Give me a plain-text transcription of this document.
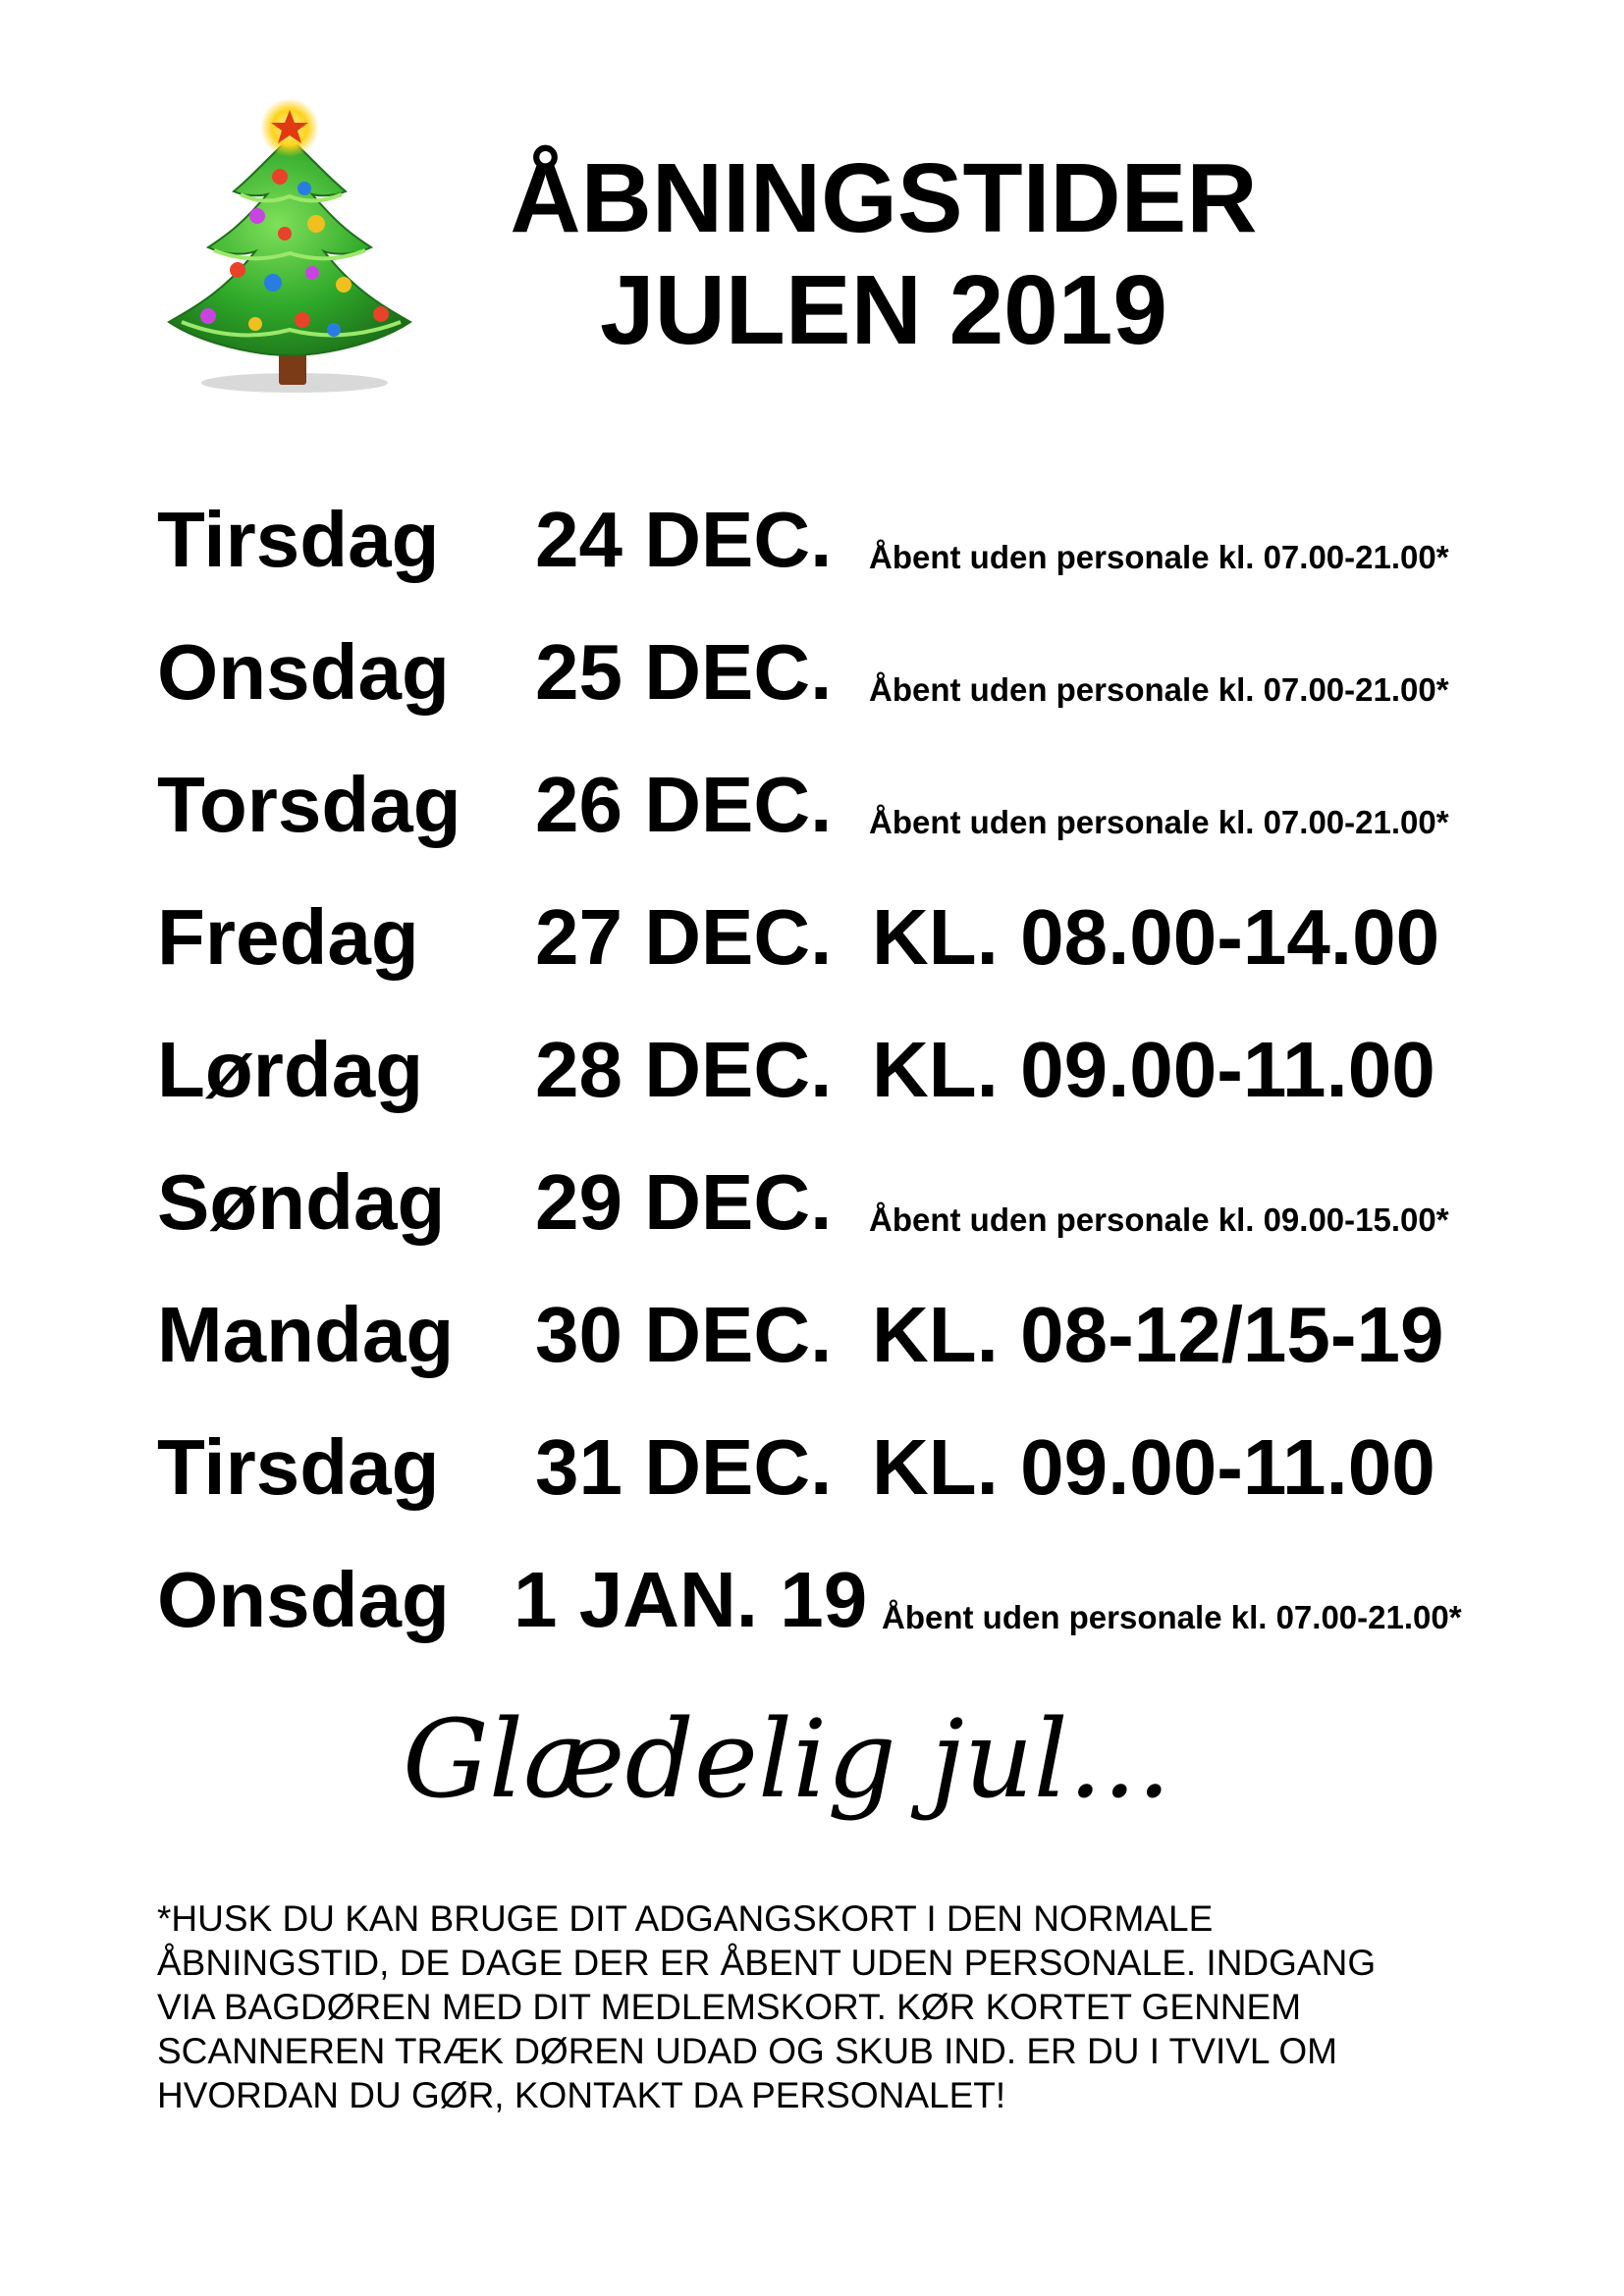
ÅBNINGSTIDER
JULEN 2019
Tirsdag 24 DEC. Åbent uden personale kl. 07.00-21.00*
Onsdag 25 DEC. Åbent uden personale kl. 07.00-21.00*
Torsdag 26 DEC. Åbent uden personale kl. 07.00-21.00*
Fredag 27 DEC. KL. 08.00-14.00
Lørdag 28 DEC. KL. 09.00-11.00
Søndag 29 DEC. Åbent uden personale kl. 09.00-15.00*
Mandag 30 DEC. KL. 08-12/15-19
Tirsdag 31 DEC. KL. 09.00-11.00
Onsdag 1 JAN. 19 Åbent uden personale kl. 07.00-21.00*
Glædelig jul...

*HUSK DU KAN BRUGE DIT ADGANGSKORT I DEN NORMALE
ÅBNINGSTID, DE DAGE DER ER ÅBENT UDEN PERSONALE. INDGANG
VIA BAGDØREN MED DIT MEDLEMSKORT. KØR KORTET GENNEM
SCANNEREN TRÆK DØREN UDAD OG SKUB IND. ER DU I TVIVL OM
HVORDAN DU GØR, KONTAKT DA PERSONALET!
